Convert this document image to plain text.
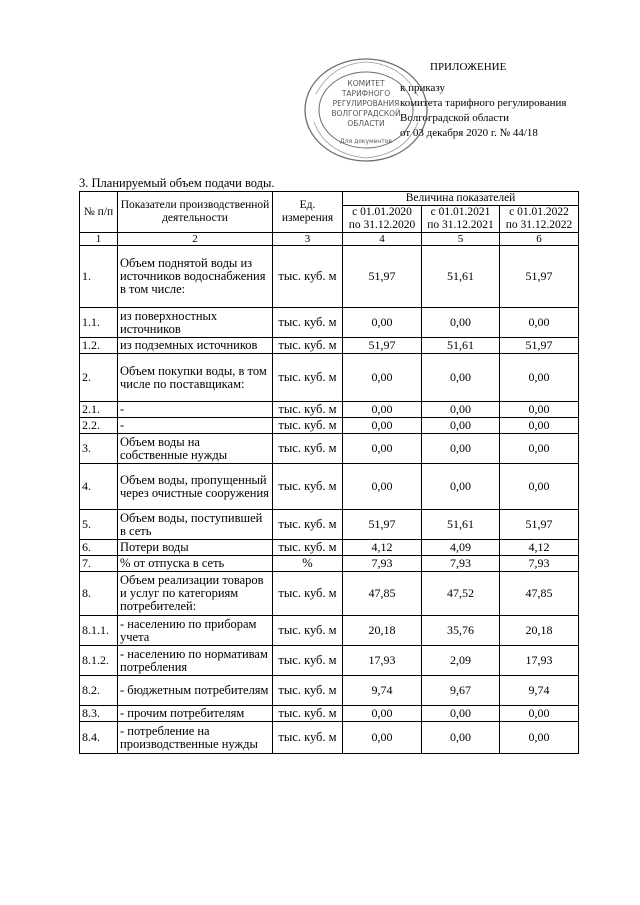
ПРИЛОЖЕНИЕ
к приказу
комитета тарифного регулирования
Волгоградской области
от 03 декабря 2020 г. № 44/18
КОМИТЕТ
ТАРИФНОГО
РЕГУЛИРОВАНИЯ
ВОЛГОГРАДСКОЙ
ОБЛАСТИ
Для документов
3. Планируемый объем подачи воды.
№ п/п	Показатели производственной деятельности	Ед. измерения	Величина показателей		
			с 01.01.2020 по 31.12.2020	с 01.01.2021 по 31.12.2021	с 01.01.2022 по 31.12.2022
1	2	3	4	5	6
1.	Объем поднятой воды из источников водоснабжения в том числе:	тыс. куб. м	51,97	51,61	51,97
1.1.	из поверхностных источников	тыс. куб. м	0,00	0,00	0,00
1.2.	из подземных источников	тыс. куб. м	51,97	51,61	51,97
2.	Объем покупки воды, в том числе по поставщикам:	тыс. куб. м	0,00	0,00	0,00
2.1.	-	тыс. куб. м	0,00	0,00	0,00
2.2.	-	тыс. куб. м	0,00	0,00	0,00
3.	Объем воды на собственные нужды	тыс. куб. м	0,00	0,00	0,00
4.	Объем воды, пропущенный через очистные сооружения	тыс. куб. м	0,00	0,00	0,00
5.	Объем воды, поступившей в сеть	тыс. куб. м	51,97	51,61	51,97
6.	Потери воды	тыс. куб. м	4,12	4,09	4,12
7.	% от отпуска в сеть	%	7,93	7,93	7,93
8.	Объем реализации товаров и услуг по категориям потребителей:	тыс. куб. м	47,85	47,52	47,85
8.1.1.	- населению по приборам учета	тыс. куб. м	20,18	35,76	20,18
8.1.2.	- населению по нормативам потребления	тыс. куб. м	17,93	2,09	17,93
8.2.	- бюджетным потребителям	тыс. куб. м	9,74	9,67	9,74
8.3.	- прочим потребителям	тыс. куб. м	0,00	0,00	0,00
8.4.	- потребление на производственные нужды	тыс. куб. м	0,00	0,00	0,00
